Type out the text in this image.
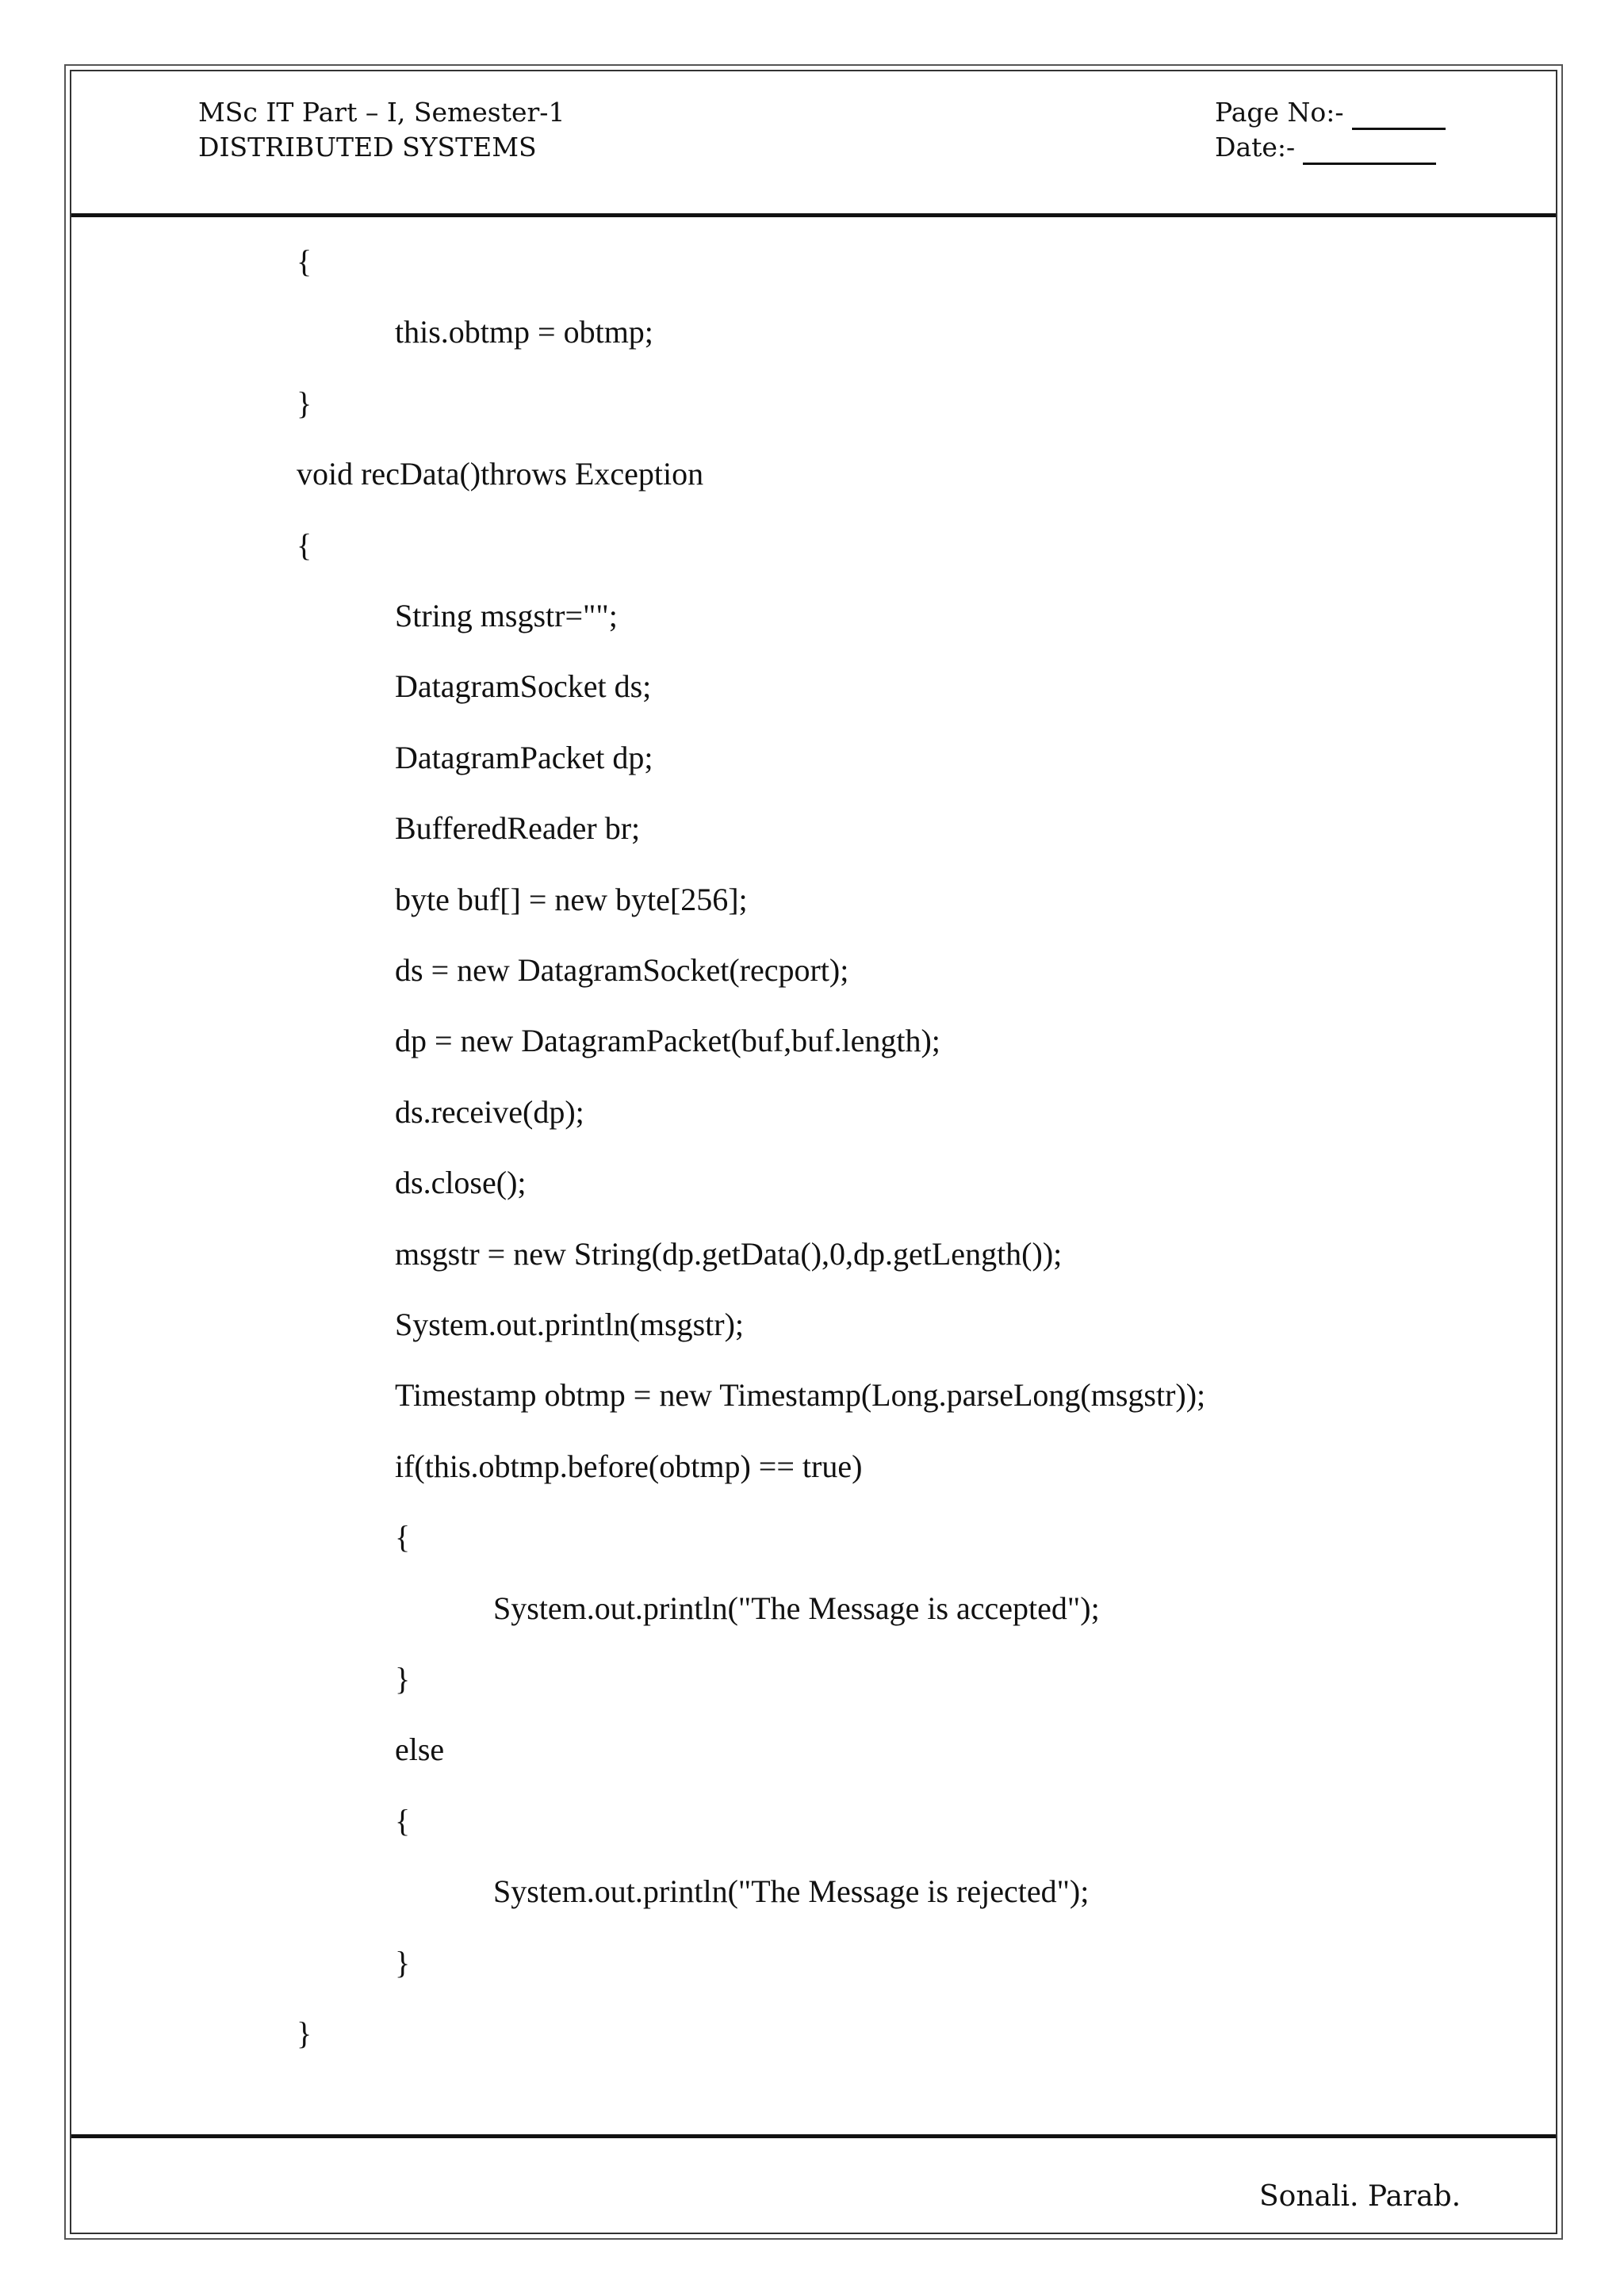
MSc IT Part – I, Semester-1
DISTRIBUTED SYSTEMS
Page No:-
Date:-
{
this.obtmp = obtmp;
}
void recData()throws Exception
{
String msgstr="";
DatagramSocket ds;
DatagramPacket dp;
BufferedReader br;
byte buf[] = new byte[256];
ds = new DatagramSocket(recport);
dp = new DatagramPacket(buf,buf.length);
ds.receive(dp);
ds.close();
msgstr = new String(dp.getData(),0,dp.getLength());
System.out.println(msgstr);
Timestamp obtmp = new Timestamp(Long.parseLong(msgstr));
if(this.obtmp.before(obtmp) == true)
{
System.out.println("The Message is accepted");
}
else
{
System.out.println("The Message is rejected");
}
}
Sonali. Parab.
